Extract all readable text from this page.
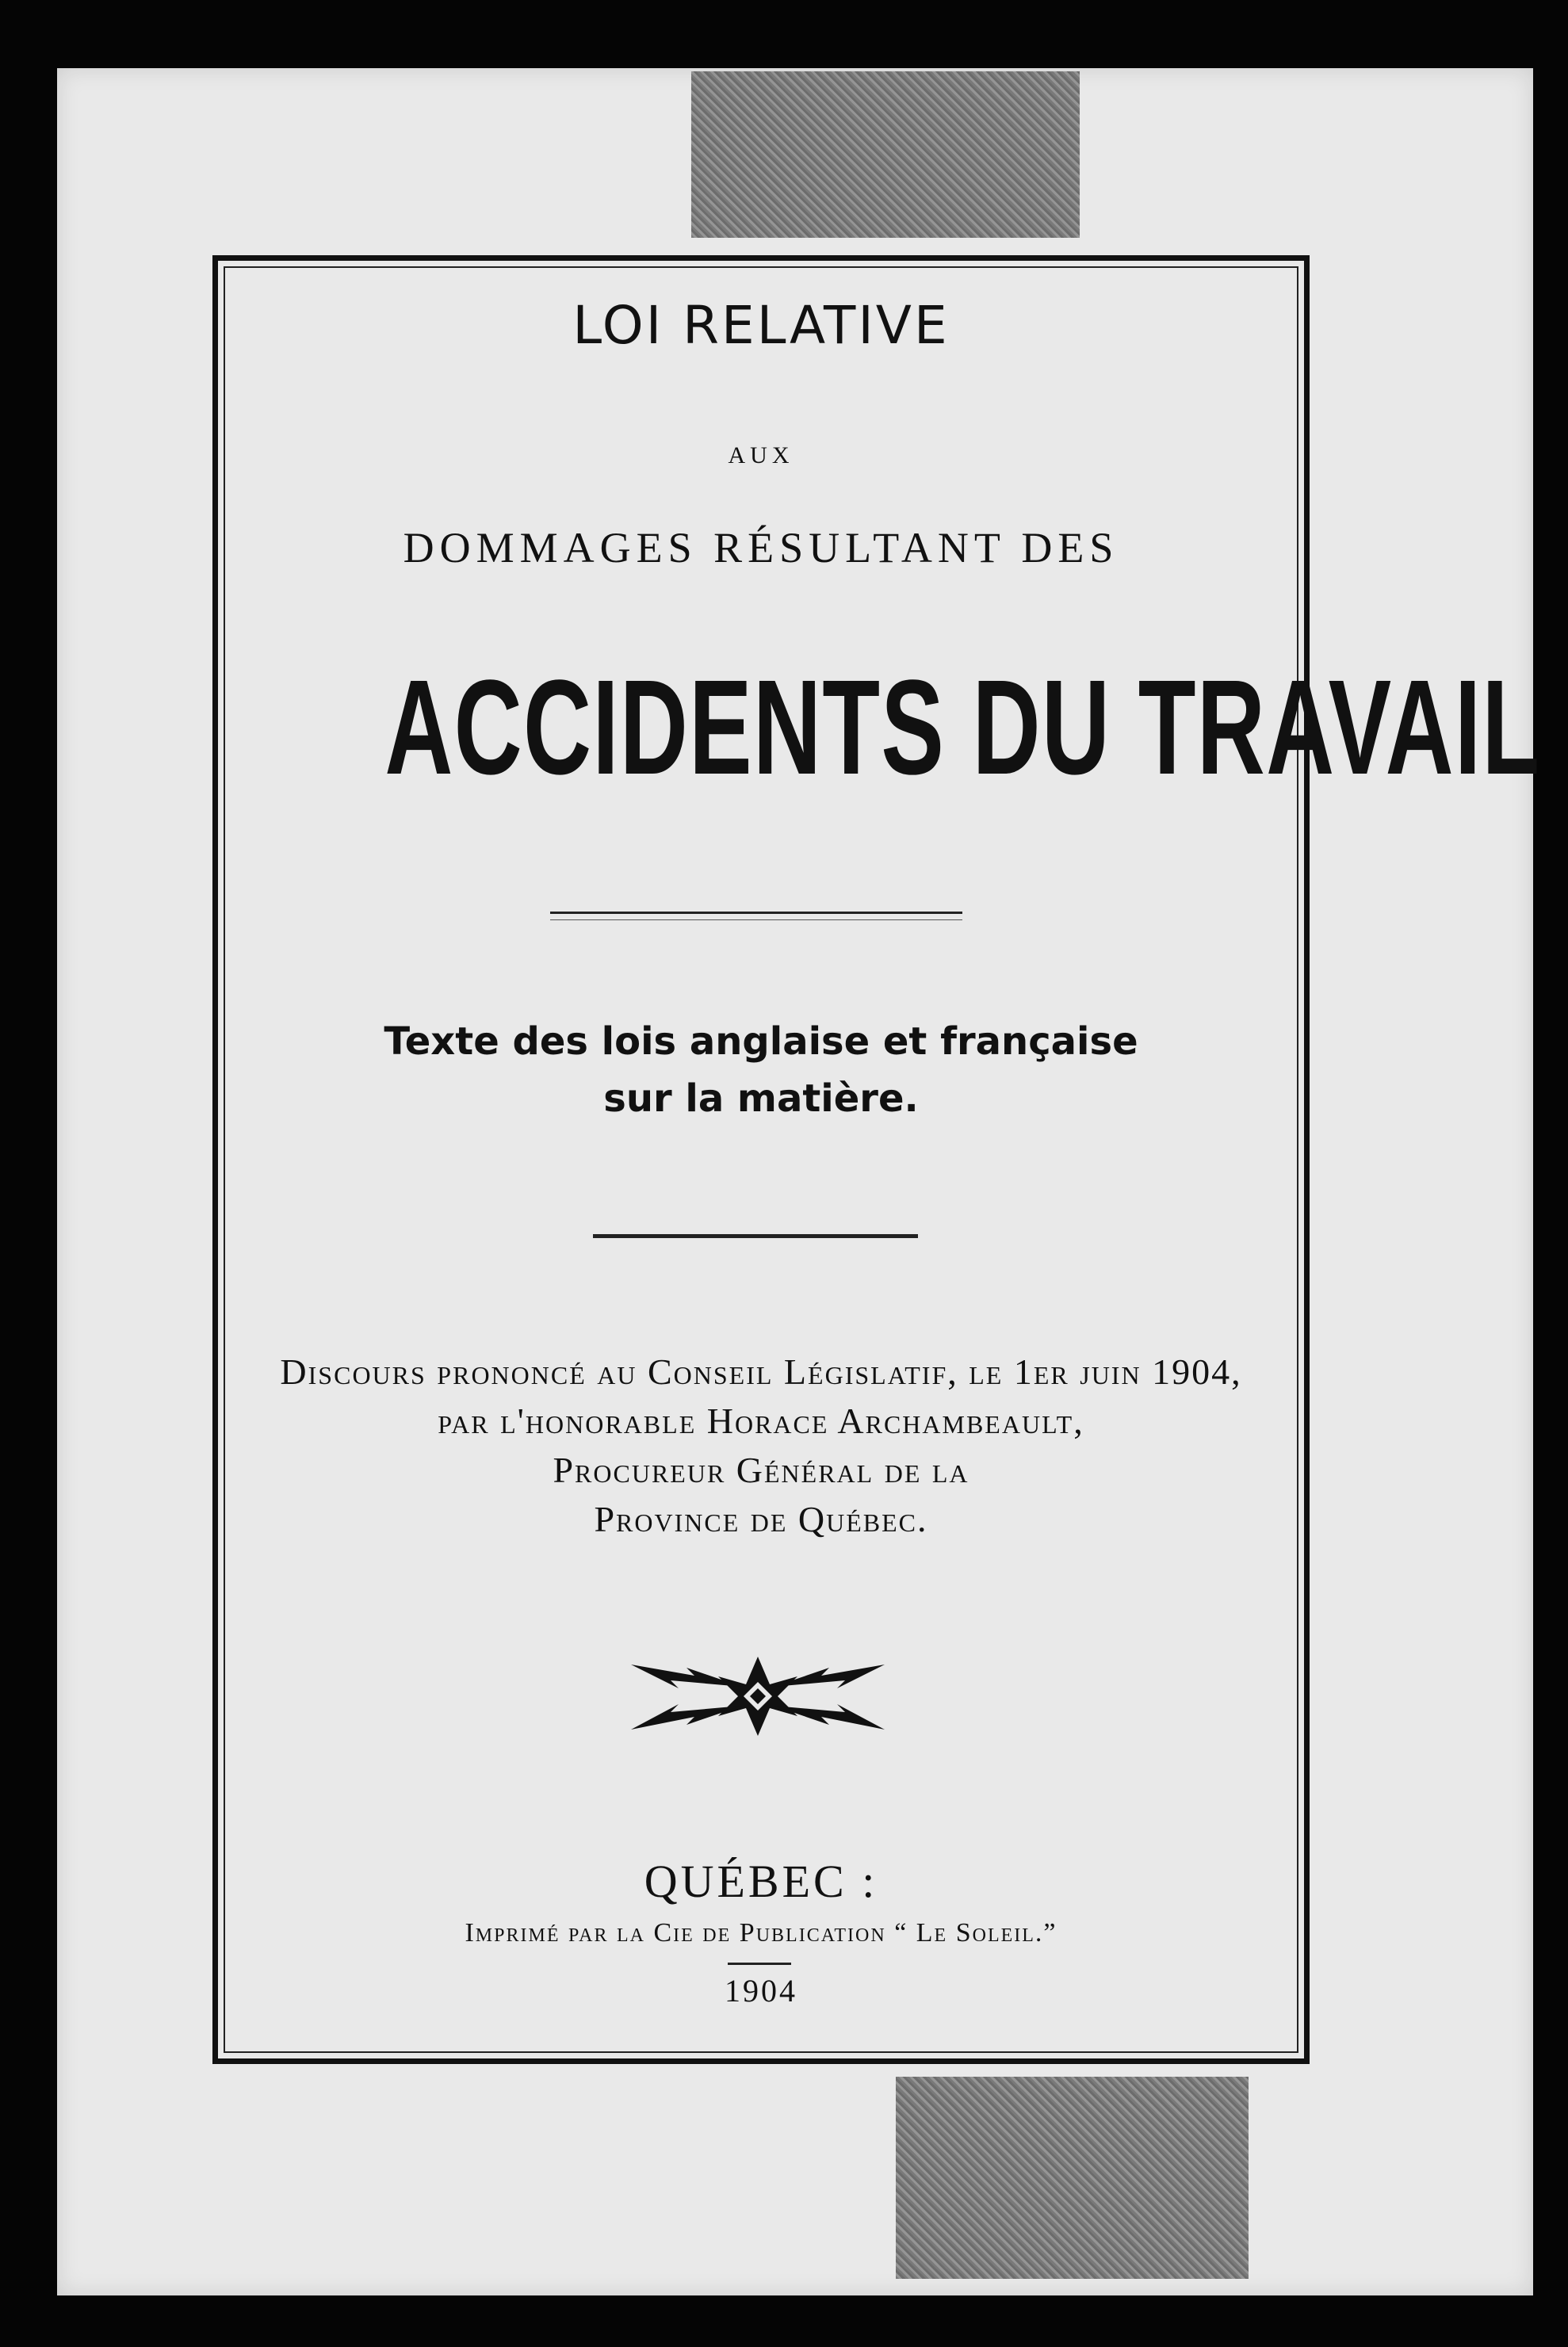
LOI RELATIVE
AUX
DOMMAGES RÉSULTANT DES
ACCIDENTS DU TRAVAIL
Texte des lois anglaise et française
sur la matière.
Discours prononcé au Conseil Législatif, le 1er juin 1904,
par l'honorable Horace Archambeault,
Procureur Général de la
Province de Québec.
QUÉBEC :
Imprimé par la Cie de Publication “ Le Soleil.”
1904
